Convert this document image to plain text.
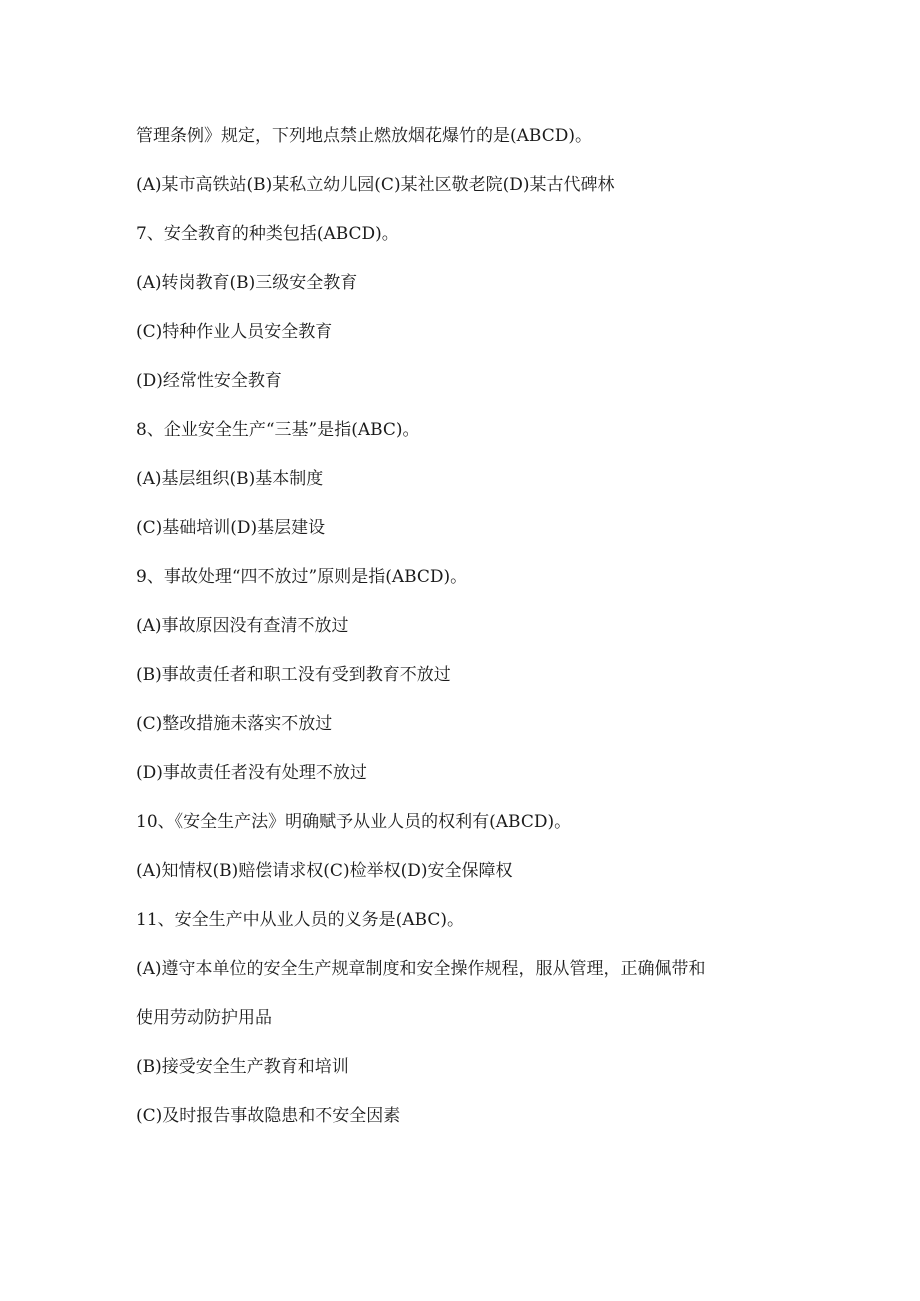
管理条例》规定，下列地点禁止燃放烟花爆竹的是(ABCD)。

(A)某市高铁站(B)某私立幼儿园(C)某社区敬老院(D)某古代碑林

7、安全教育的种类包括(ABCD)。

(A)转岗教育(B)三级安全教育

(C)特种作业人员安全教育

(D)经常性安全教育

8、企业安全生产“三基”是指(ABC)。

(A)基层组织(B)基本制度

(C)基础培训(D)基层建设

9、事故处理“四不放过”原则是指(ABCD)。

(A)事故原因没有查清不放过

(B)事故责任者和职工没有受到教育不放过

(C)整改措施未落实不放过

(D)事故责任者没有处理不放过

10、《安全生产法》明确赋予从业人员的权利有(ABCD)。

(A)知情权(B)赔偿请求权(C)检举权(D)安全保障权

11、安全生产中从业人员的义务是(ABC)。

(A)遵守本单位的安全生产规章制度和安全操作规程，服从管理，正确佩带和

使用劳动防护用品

(B)接受安全生产教育和培训

(C)及时报告事故隐患和不安全因素
